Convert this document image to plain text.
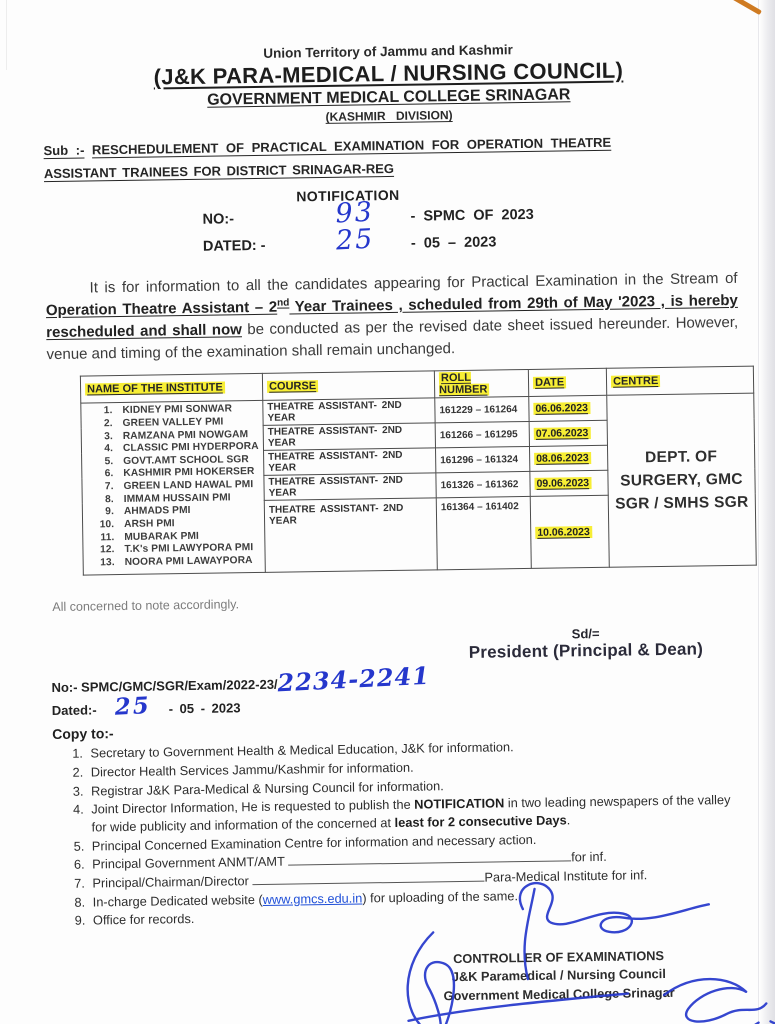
Union Territory of Jammu and Kashmir
(J&K PARA-MEDICAL / NURSING COUNCIL)
GOVERNMENT MEDICAL COLLEGE SRINAGAR
(KASHMIR DIVISION)
Sub :- RESCHEDULEMENT OF PRACTICAL EXAMINATION FOR OPERATION THEATRE
ASSISTANT TRAINEES FOR DISTRICT SRINAGAR-REG
NOTIFICATION
NO:-	93	- SPMC OF 2023
DATED: -	25	- 05 – 2023
It is for information to all the candidates appearing for Practical Examination in the Stream of Operation Theatre Assistant – 2nd Year Trainees , scheduled from 29th of May '2023 , is hereby rescheduled and shall now be conducted as per the revised date sheet issued hereunder. However, venue and timing of the examination shall remain unchanged.
NAME OF THE INSTITUTE	COURSE	ROLL NUMBER	DATE	CENTRE

1. KIDNEY PMI SONWAR
2. GREEN VALLEY PMI
3. RAMZANA PMI NOWGAM
4. CLASSIC PMI HYDERPORA
5. GOVT.AMT SCHOOL SGR
6. KASHMIR PMI HOKERSER
7. GREEN LAND HAWAL PMI
8. IMMAM HUSSAIN PMI
9. AHMADS PMI
10. ARSH PMI
11. MUBARAK PMI
12. T.K's PMI LAWYPORA PMI
13. NOORA PMI LAWAYPORA
	THEATRE ASSISTANT- 2ND YEAR	161229 – 161264	06.06.2023	DEPT. OF SURGERY, GMC SGR / SMHS SGR
	THEATRE ASSISTANT- 2ND YEAR	161266 – 161295	07.06.2023	
	THEATRE ASSISTANT- 2ND YEAR	161296 – 161324	08.06.2023	
	THEATRE ASSISTANT- 2ND YEAR	161326 – 161362	09.06.2023	
	THEATRE ASSISTANT- 2ND YEAR	161364 – 161402	10.06.2023	
All concerned to note accordingly.
Sd/=
President (Principal & Dean)
No:- SPMC/GMC/SGR/Exam/2022-23/ 2234-2241
Dated:- 25 - 05 - 2023
Copy to:-
1. Secretary to Government Health & Medical Education, J&K for information.
2. Director Health Services Jammu/Kashmir for information.
3. Registrar J&K Para-Medical & Nursing Council for information.
4. Joint Director Information, He is requested to publish the NOTIFICATION in two leading newspapers of the valley for wide publicity and information of the concerned at least for 2 consecutive Days.
5. Principal Concerned Examination Centre for information and necessary action.
6. Principal Government ANMT/AMT	for inf.
7. Principal/Chairman/Director	Para-Medical Institute for inf.
8. In-charge Dedicated website (www.gmcs.edu.in) for uploading of the same.
9. Office for records.
CONTROLLER OF EXAMINATIONS
J&K Paramedical / Nursing Council
Government Medical College Srinagar
